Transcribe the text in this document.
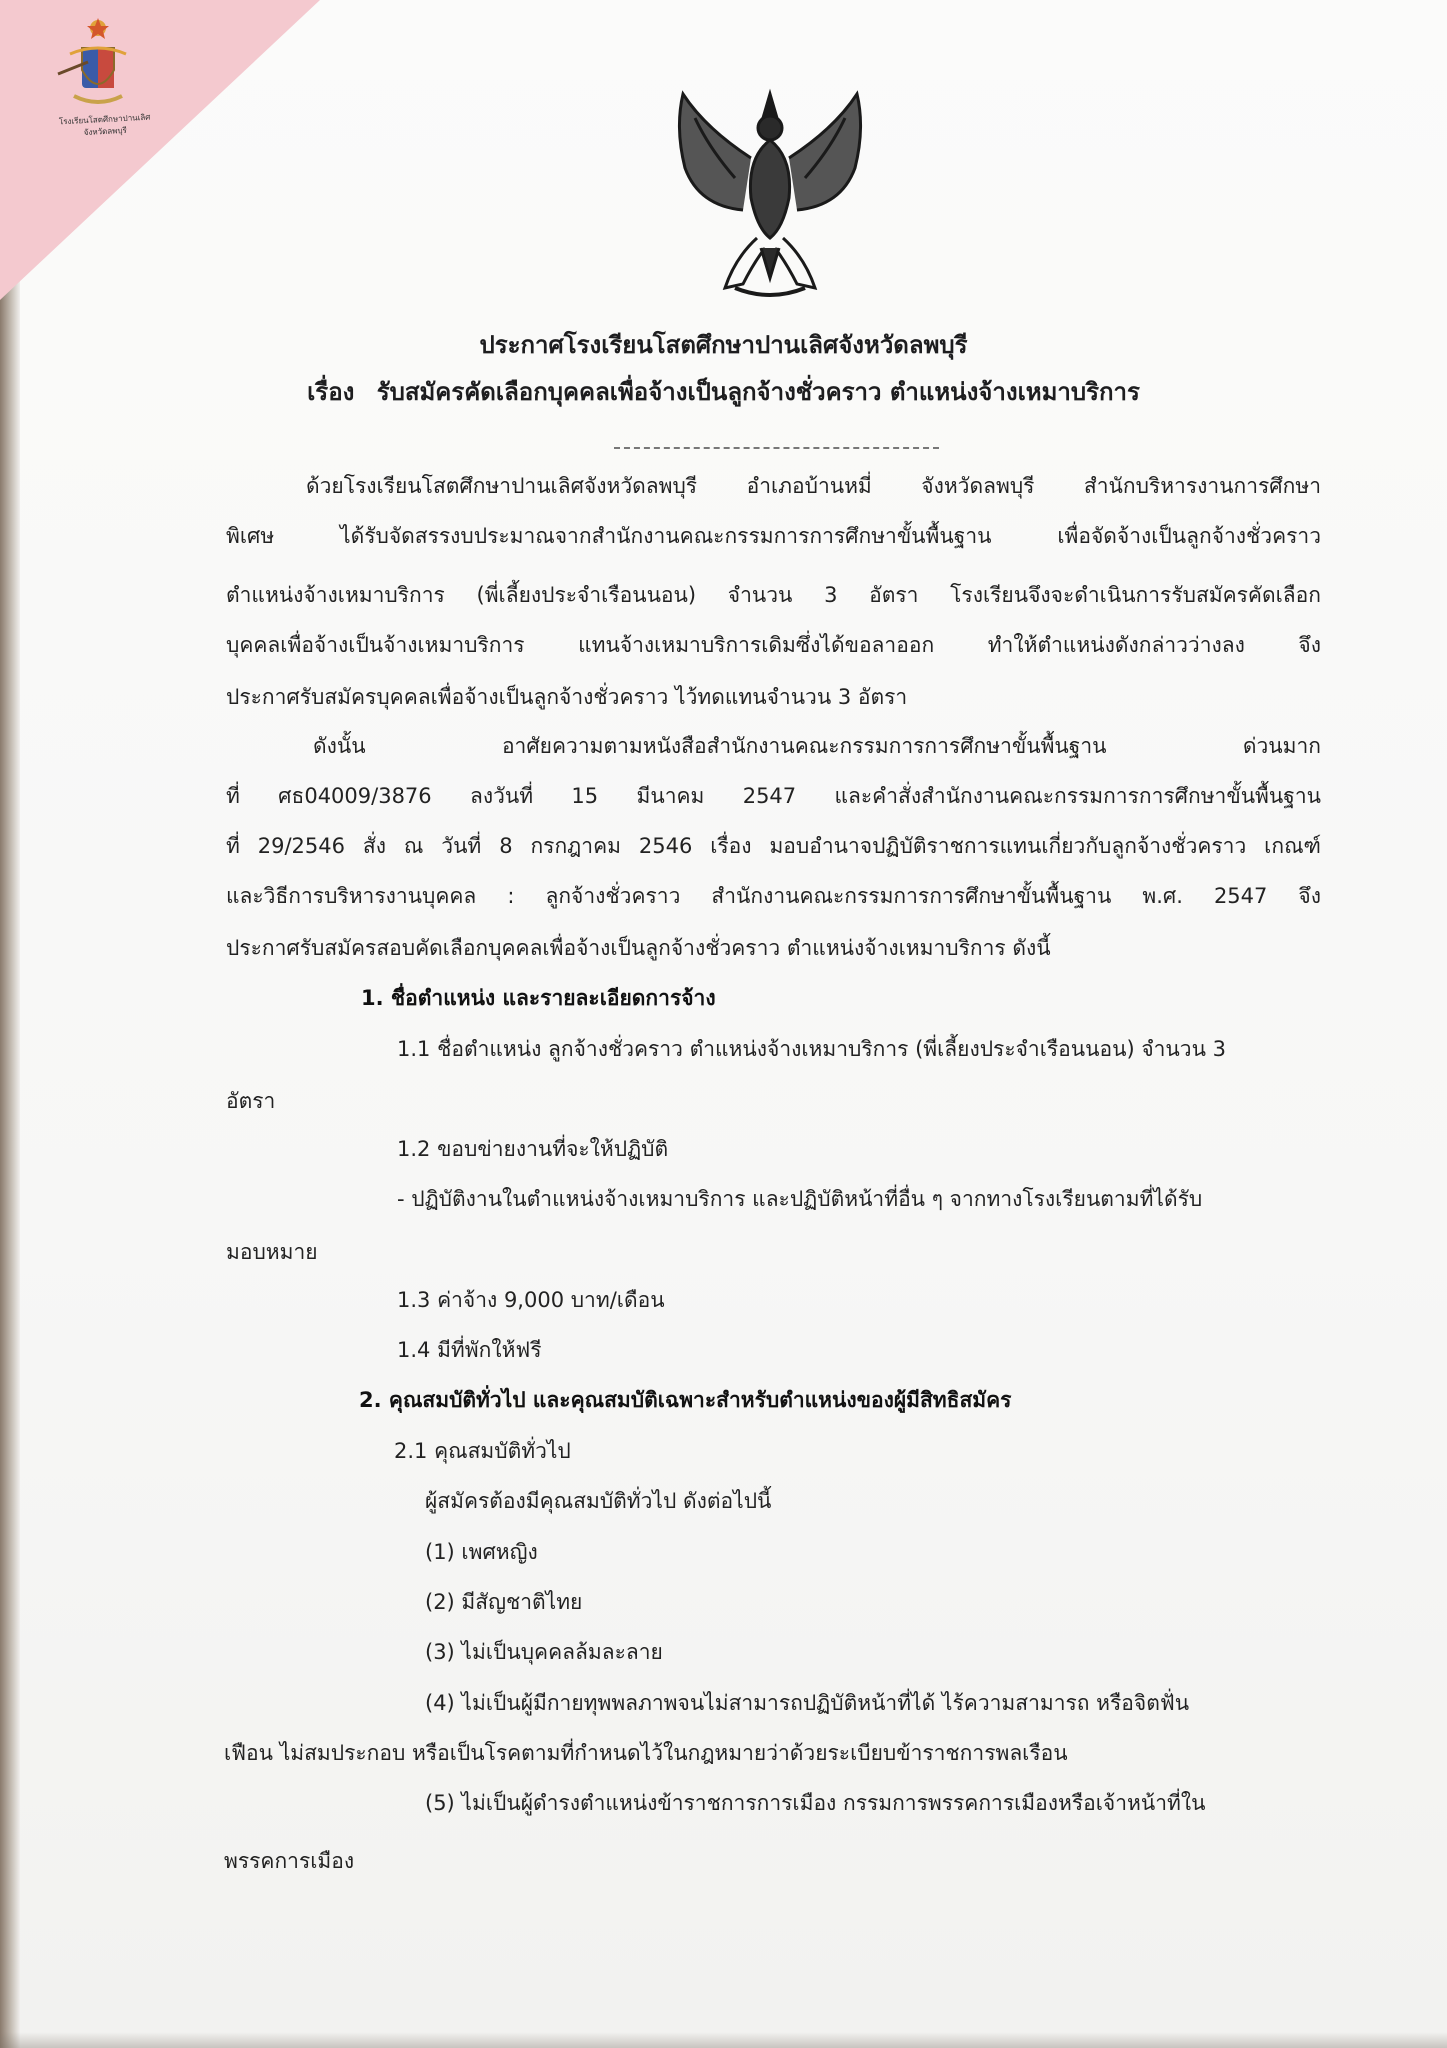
โรงเรียนโสตศึกษาปานเลิศ
จังหวัดลพบุรี
ประกาศโรงเรียนโสตศึกษาปานเลิศจังหวัดลพบุรี
เรื่อง รับสมัครคัดเลือกบุคคลเพื่อจ้างเป็นลูกจ้างชั่วคราว ตำแหน่งจ้างเหมาบริการ
ด้วยโรงเรียนโสตศึกษาปานเลิศจังหวัดลพบุรี อำเภอบ้านหมี่ จังหวัดลพบุรี สำนักบริหารงานการศึกษา
พิเศษ ได้รับจัดสรรงบประมาณจากสำนักงานคณะกรรมการการศึกษาขั้นพื้นฐาน เพื่อจัดจ้างเป็นลูกจ้างชั่วคราว
ตำแหน่งจ้างเหมาบริการ (พี่เลี้ยงประจำเรือนนอน) จำนวน 3 อัตรา โรงเรียนจึงจะดำเนินการรับสมัครคัดเลือก
บุคคลเพื่อจ้างเป็นจ้างเหมาบริการ แทนจ้างเหมาบริการเดิมซึ่งได้ขอลาออก ทำให้ตำแหน่งดังกล่าวว่างลง จึง
ประกาศรับสมัครบุคคลเพื่อจ้างเป็นลูกจ้างชั่วคราว ไว้ทดแทนจำนวน 3 อัตรา
ดังนั้น อาศัยความตามหนังสือสำนักงานคณะกรรมการการศึกษาขั้นพื้นฐาน ด่วนมาก
ที่ ศธ04009/3876 ลงวันที่ 15 มีนาคม 2547 และคำสั่งสำนักงานคณะกรรมการการศึกษาขั้นพื้นฐาน
ที่ 29/2546 สั่ง ณ วันที่ 8 กรกฎาคม 2546 เรื่อง มอบอำนาจปฏิบัติราชการแทนเกี่ยวกับลูกจ้างชั่วคราว เกณฑ์
และวิธีการบริหารงานบุคคล : ลูกจ้างชั่วคราว สำนักงานคณะกรรมการการศึกษาขั้นพื้นฐาน พ.ศ. 2547 จึง
ประกาศรับสมัครสอบคัดเลือกบุคคลเพื่อจ้างเป็นลูกจ้างชั่วคราว ตำแหน่งจ้างเหมาบริการ ดังนี้
1. ชื่อตำแหน่ง และรายละเอียดการจ้าง
1.1 ชื่อตำแหน่ง ลูกจ้างชั่วคราว ตำแหน่งจ้างเหมาบริการ (พี่เลี้ยงประจำเรือนนอน) จำนวน 3
อัตรา
1.2 ขอบข่ายงานที่จะให้ปฏิบัติ
- ปฏิบัติงานในตำแหน่งจ้างเหมาบริการ และปฏิบัติหน้าที่อื่น ๆ จากทางโรงเรียนตามที่ได้รับ
มอบหมาย
1.3 ค่าจ้าง 9,000 บาท/เดือน
1.4 มีที่พักให้ฟรี
2. คุณสมบัติทั่วไป และคุณสมบัติเฉพาะสำหรับตำแหน่งของผู้มีสิทธิสมัคร
2.1 คุณสมบัติทั่วไป
ผู้สมัครต้องมีคุณสมบัติทั่วไป ดังต่อไปนี้
(1) เพศหญิง
(2) มีสัญชาติไทย
(3) ไม่เป็นบุคคลล้มละลาย
(4) ไม่เป็นผู้มีกายทุพพลภาพจนไม่สามารถปฏิบัติหน้าที่ได้ ไร้ความสามารถ หรือจิตฟั่น
เฟือน ไม่สมประกอบ หรือเป็นโรคตามที่กำหนดไว้ในกฎหมายว่าด้วยระเบียบข้าราชการพลเรือน
(5) ไม่เป็นผู้ดำรงตำแหน่งข้าราชการการเมือง กรรมการพรรคการเมืองหรือเจ้าหน้าที่ใน
พรรคการเมือง
